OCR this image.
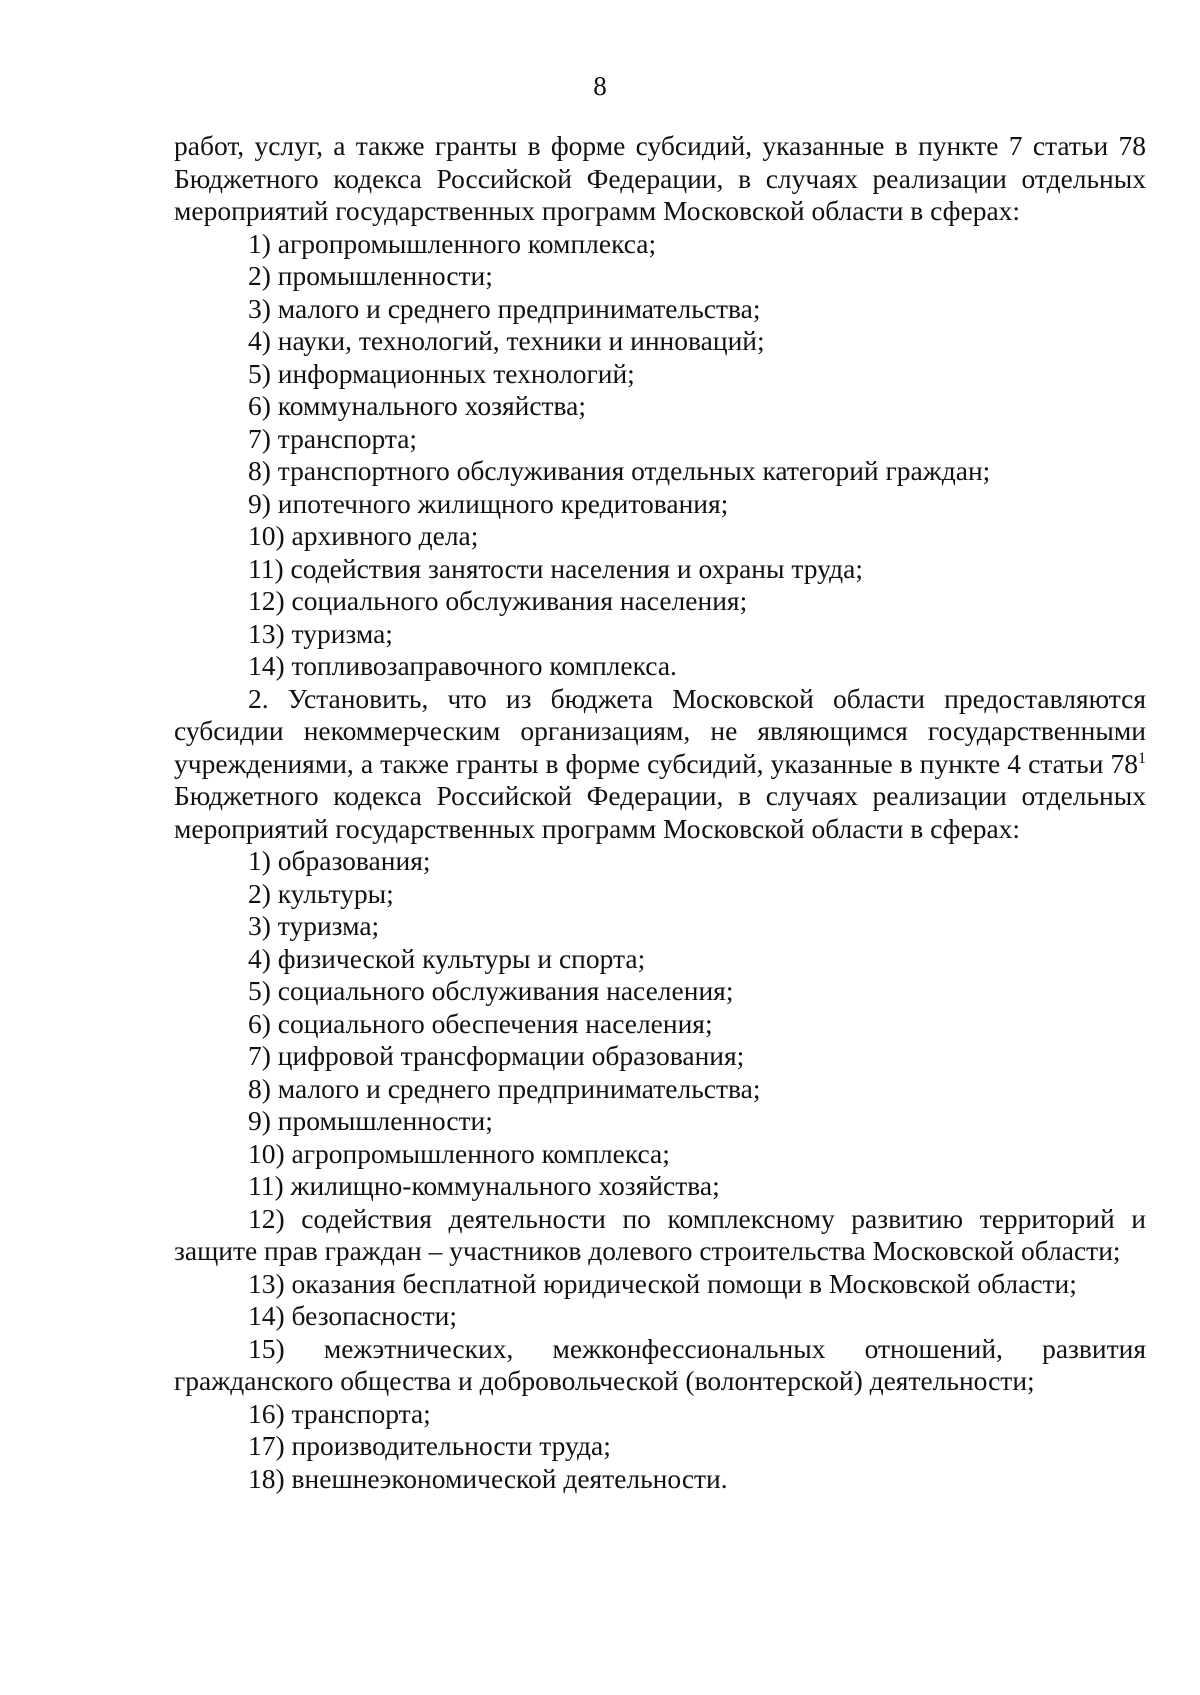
8

работ, услуг, а также гранты в форме субсидий, указанные в пункте 7 статьи 78 Бюджетного кодекса Российской Федерации, в случаях реализации отдельных мероприятий государственных программ Московской области в сферах:

1) агропромышленного комплекса;
2) промышленности;
3) малого и среднего предпринимательства;
4) науки, технологий, техники и инноваций;
5) информационных технологий;
6) коммунального хозяйства;
7) транспорта;
8) транспортного обслуживания отдельных категорий граждан;
9) ипотечного жилищного кредитования;
10) архивного дела;
11) содействия занятости населения и охраны труда;
12) социального обслуживания населения;
13) туризма;
14) топливозаправочного комплекса.

2. Установить, что из бюджета Московской области предоставляются субсидии некоммерческим организациям, не являющимся государственными учреждениями, а также гранты в форме субсидий, указанные в пункте 4 статьи $78^1$ Бюджетного кодекса Российской Федерации, в случаях реализации отдельных мероприятий государственных программ Московской области в сферах:

1) образования;
2) культуры;
3) туризма;
4) физической культуры и спорта;
5) социального обслуживания населения;
6) социального обеспечения населения;
7) цифровой трансформации образования;
8) малого и среднего предпринимательства;
9) промышленности;
10) агропромышленного комплекса;
11) жилищно-коммунального хозяйства;
12) содействия деятельности по комплексному развитию территорий и защите прав граждан – участников долевого строительства Московской области;
13) оказания бесплатной юридической помощи в Московской области;
14) безопасности;
15) межэтнических, межконфессиональных отношений, развития гражданского общества и добровольческой (волонтерской) деятельности;
16) транспорта;
17) производительности труда;
18) внешнеэкономической деятельности.
